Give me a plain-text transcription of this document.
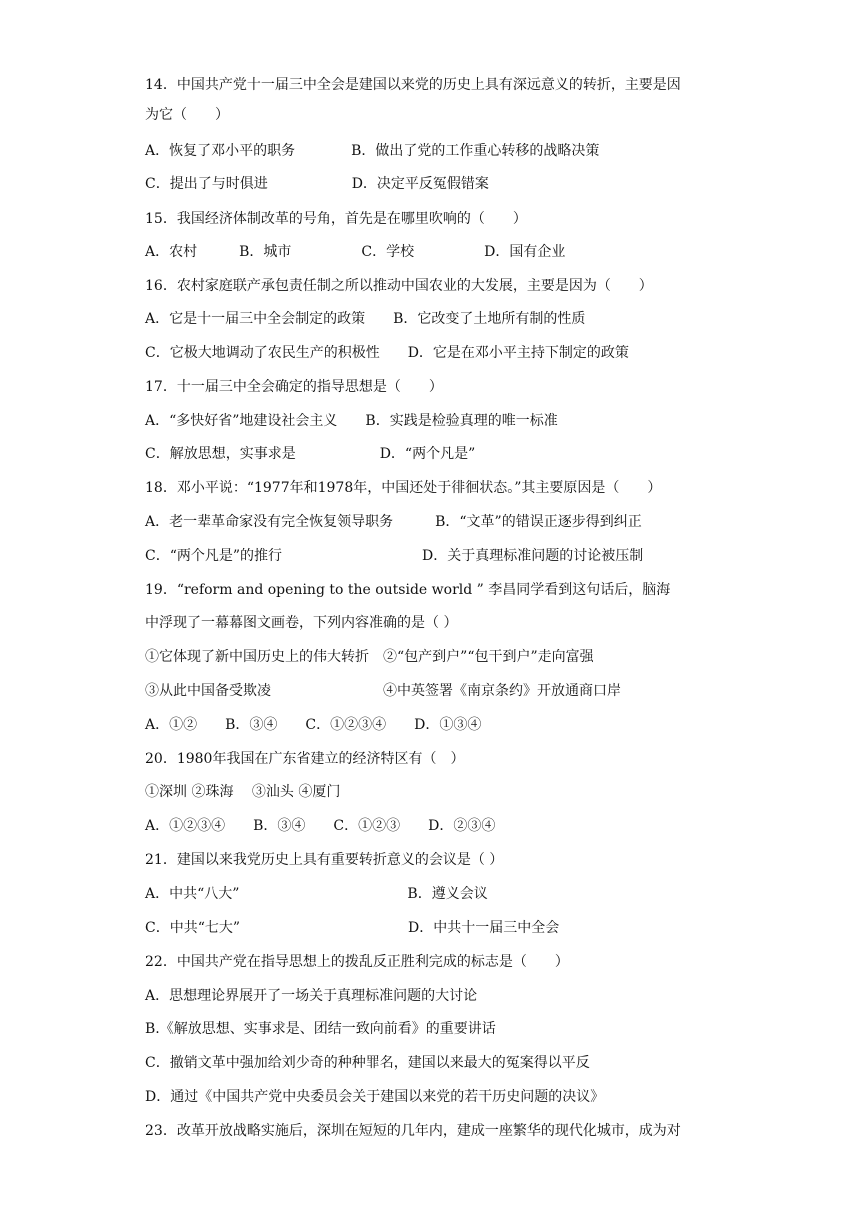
14．中国共产党十一届三中全会是建国以来党的历史上具有深远意义的转折，主要是因
为它（　　）
A．恢复了邓小平的职务　　　　B．做出了党的工作重心转移的战略决策
C．提出了与时俱进　　　　　　D．决定平反冤假错案
15．我国经济体制改革的号角，首先是在哪里吹响的（　　）
A．农村　　　B．城市　　　　　C．学校　　　　　D．国有企业
16．农村家庭联产承包责任制之所以推动中国农业的大发展，主要是因为（　　）
A．它是十一届三中全会制定的政策　　B．它改变了土地所有制的性质
C．它极大地调动了农民生产的积极性　　D．它是在邓小平主持下制定的政策
17．十一届三中全会确定的指导思想是（　　）
A．“多快好省”地建设社会主义　　B．实践是检验真理的唯一标准
C．解放思想，实事求是　　　　　　D．“两个凡是”
18．邓小平说：“1977年和1978年，中国还处于徘徊状态。”其主要原因是（　　）
A．老一辈革命家没有完全恢复领导职务　　　B．“文革”的错误正逐步得到纠正
C．“两个凡是”的推行　　　　　　　　　　D．关于真理标准问题的讨论被压制
19．“reform and opening to the outside world ” 李昌同学看到这句话后，脑海
中浮现了一幕幕图文画卷，下列内容准确的是（ ）
①它体现了新中国历史上的伟大转折　②“包产到户”“包干到户”走向富强
③从此中国备受欺凌　　　　　　　　④中英签署《南京条约》开放通商口岸
A．①②　　B．③④　　C．①②③④　　D．①③④
20．1980年我国在广东省建立的经济特区有（　）
①深圳 ②珠海　 ③汕头 ④厦门
A．①②③④　　B．③④　　C．①②③　　D．②③④
21．建国以来我党历史上具有重要转折意义的会议是（ ）
A．中共“八大”　　　　　　　　　　　　B．遵义会议
C．中共“七大”　　　　　　　　　　　　D．中共十一届三中全会
22．中国共产党在指导思想上的拨乱反正胜利完成的标志是（　　）
A．思想理论界展开了一场关于真理标准问题的大讨论
B.《解放思想、实事求是、团结一致向前看》的重要讲话
C．撤销文革中强加给刘少奇的种种罪名，建国以来最大的冤案得以平反
D．通过《中国共产党中央委员会关于建国以来党的若干历史问题的决议》
23．改革开放战略实施后，深圳在短短的几年内，建成一座繁华的现代化城市，成为对
